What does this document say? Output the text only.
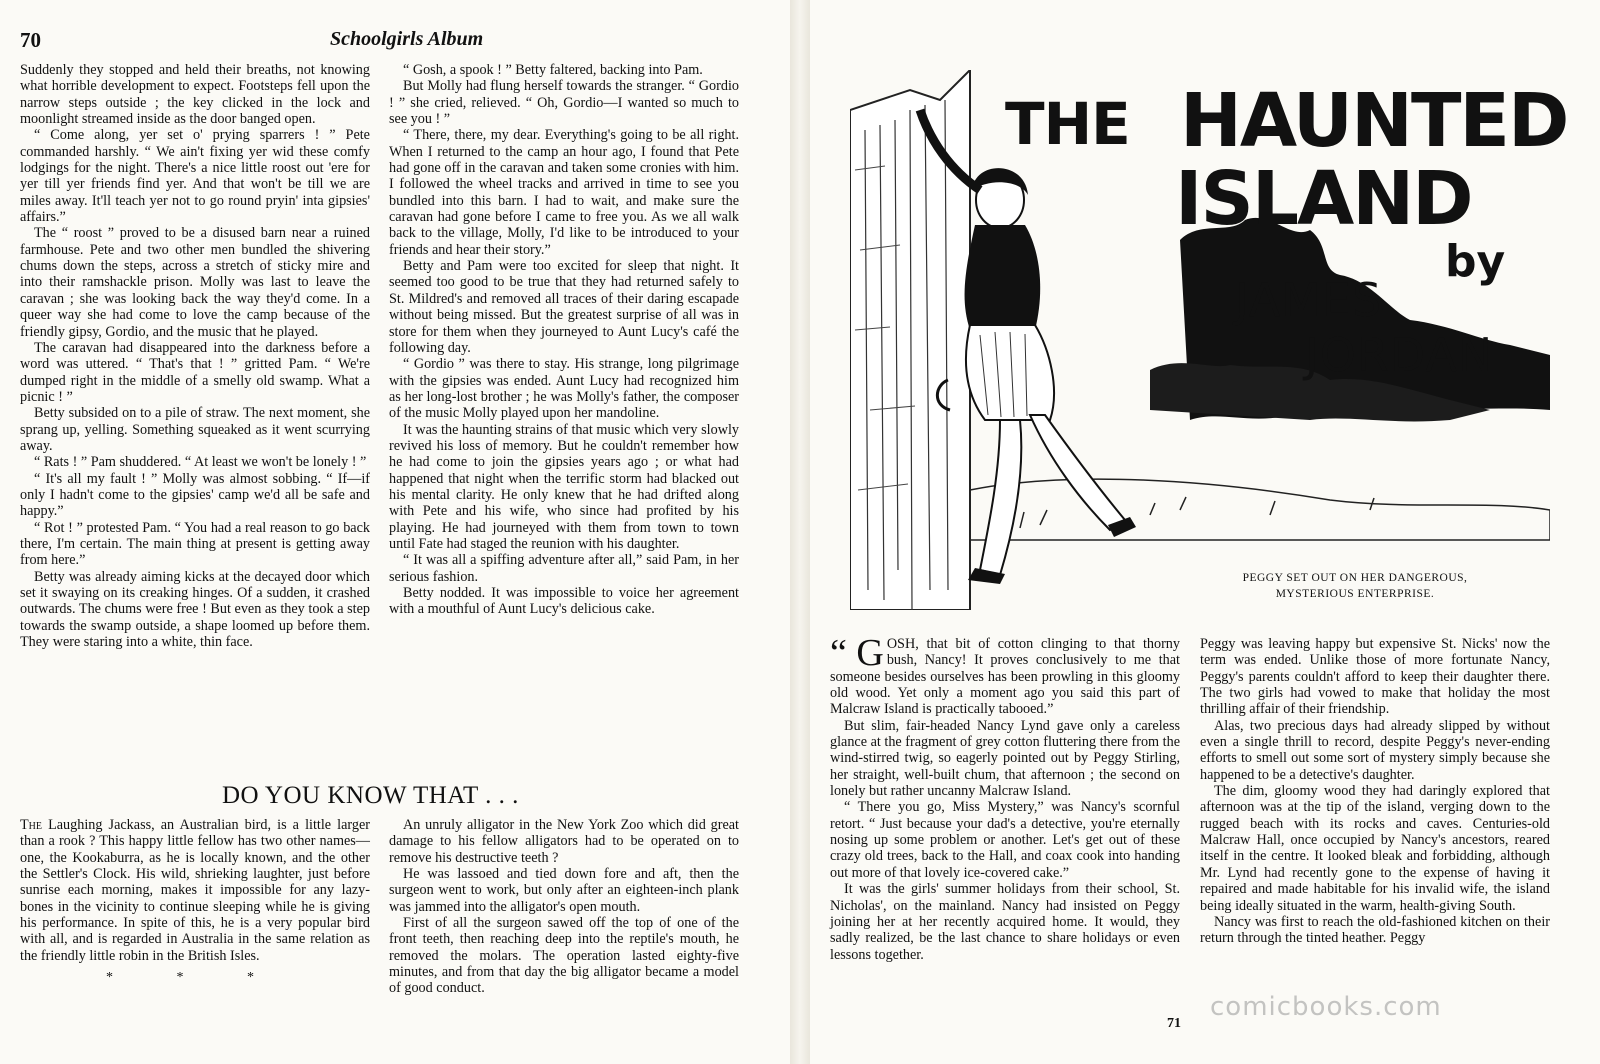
70	Schoolgirls Album

Suddenly they stopped and held their breaths, not knowing what horrible development to expect. Footsteps fell upon the narrow steps outside ; the key clicked in the lock and moonlight streamed inside as the door banged open.

“ Come along, yer set o' prying sparrers ! ” Pete commanded harshly. “ We ain't fixing yer wid these comfy lodgings for the night. There's a nice little roost out 'ere for yer till yer friends find yer. And that won't be till we are miles away. It'll teach yer not to go round pryin' inta gipsies' affairs.”

The “ roost ” proved to be a disused barn near a ruined farmhouse. Pete and two other men bundled the shivering chums down the steps, across a stretch of sticky mire and into their ramshackle prison. Molly was last to leave the caravan ; she was looking back the way they'd come. In a queer way she had come to love the camp because of the friendly gipsy, Gordio, and the music that he played.

The caravan had disappeared into the darkness before a word was uttered. “ That's that ! ” gritted Pam. “ We're dumped right in the middle of a smelly old swamp. What a picnic ! ”

Betty subsided on to a pile of straw. The next moment, she sprang up, yelling. Something squeaked as it went scurrying away.

“ Rats ! ” Pam shuddered. “ At least we won't be lonely ! ”

“ It's all my fault ! ” Molly was almost sobbing. “ If—if only I hadn't come to the gipsies' camp we'd all be safe and happy.”

“ Rot ! ” protested Pam. “ You had a real reason to go back there, I'm certain. The main thing at present is getting away from here.”

Betty was already aiming kicks at the decayed door which set it swaying on its creaking hinges. Of a sudden, it crashed outwards. The chums were free ! But even as they took a step towards the swamp outside, a shape loomed up before them. They were staring into a white, thin face.

“ Gosh, a spook ! ” Betty faltered, backing into Pam.

But Molly had flung herself towards the stranger. “ Gordio ! ” she cried, relieved. “ Oh, Gordio—I wanted so much to see you ! ”

“ There, there, my dear. Everything's going to be all right. When I returned to the camp an hour ago, I found that Pete had gone off in the caravan and taken some cronies with him. I followed the wheel tracks and arrived in time to see you bundled into this barn. I had to wait, and make sure the caravan had gone before I came to free you. As we all walk back to the village, Molly, I'd like to be introduced to your friends and hear their story.”

Betty and Pam were too excited for sleep that night. It seemed too good to be true that they had returned safely to St. Mildred's and removed all traces of their daring escapade without being missed. But the greatest surprise of all was in store for them when they journeyed to Aunt Lucy's café the following day.

“ Gordio ” was there to stay. His strange, long pilgrimage with the gipsies was ended. Aunt Lucy had recognized him as her long-lost brother ; he was Molly's father, the composer of the music Molly played upon her mandoline.

It was the haunting strains of that music which very slowly revived his loss of memory. But he couldn't remember how he had come to join the gipsies years ago ; or what had happened that night when the terrific storm had blacked out his mental clarity. He only knew that he had drifted along with Pete and his wife, who since had profited by his playing. He had journeyed with them from town to town until Fate had staged the reunion with his daughter.

“ It was all a spiffing adventure after all,” said Pam, in her serious fashion.

Betty nodded. It was impossible to voice her agreement with a mouthful of Aunt Lucy's delicious cake.

DO YOU KNOW THAT . . .

The Laughing Jackass, an Australian bird, is a little larger than a rook ? This happy little fellow has two other names—one, the Kookaburra, as he is locally known, and the other the Settler's Clock. His wild, shrieking laughter, just before sunrise each morning, makes it impossible for any lazy-bones in the vicinity to continue sleeping while he is giving his performance. In spite of this, he is a very popular bird with all, and is regarded in Australia in the same relation as the friendly little robin in the British Isles.

* * *

An unruly alligator in the New York Zoo which did great damage to his fellow alligators had to be operated on to remove his destructive teeth ?

He was lassoed and tied down fore and aft, then the surgeon went to work, but only after an eighteen-inch plank was jammed into the alligator's open mouth.

First of all the surgeon sawed off the top of one of the front teeth, then reaching deep into the reptile's mouth, he removed the molars. The operation lasted eighty-five minutes, and from that day the big alligator became a model of good conduct.

THE HAUNTED
ISLAND
by
JAMES
JORDAN
PEGGY SET OUT ON HER DANGEROUS,
MYSTERIOUS ENTERPRISE.

“ G OSH, that bit of cotton clinging to that thorny bush, Nancy! It proves conclusively to me that someone besides ourselves has been prowling in this gloomy old wood. Yet only a moment ago you said this part of Malcraw Island is practically tabooed.”

But slim, fair-headed Nancy Lynd gave only a careless glance at the fragment of grey cotton fluttering there from the wind-stirred twig, so eagerly pointed out by Peggy Stirling, her straight, well-built chum, that afternoon ; the second on lonely but rather uncanny Malcraw Island.

“ There you go, Miss Mystery,” was Nancy's scornful retort. “ Just because your dad's a detective, you're eternally nosing up some problem or another. Let's get out of these crazy old trees, back to the Hall, and coax cook into handing out more of that lovely ice-covered cake.”

It was the girls' summer holidays from their school, St. Nicholas', on the mainland. Nancy had insisted on Peggy joining her at her recently acquired home. It would, they sadly realized, be the last chance to share holidays or even lessons together.

Peggy was leaving happy but expensive St. Nicks' now the term was ended. Unlike those of more fortunate Nancy, Peggy's parents couldn't afford to keep their daughter there. The two girls had vowed to make that holiday the most thrilling affair of their friendship.

Alas, two precious days had already slipped by without even a single thrill to record, despite Peggy's never-ending efforts to smell out some sort of mystery simply because she happened to be a detective's daughter.

The dim, gloomy wood they had daringly explored that afternoon was at the tip of the island, verging down to the rugged beach with its rocks and caves. Centuries-old Malcraw Hall, once occupied by Nancy's ancestors, reared itself in the centre. It looked bleak and forbidding, although Mr. Lynd had recently gone to the expense of having it repaired and made habitable for his invalid wife, the island being ideally situated in the warm, health-giving South.

Nancy was first to reach the old-fashioned kitchen on their return through the tinted heather. Peggy

comicbooks.com
71
